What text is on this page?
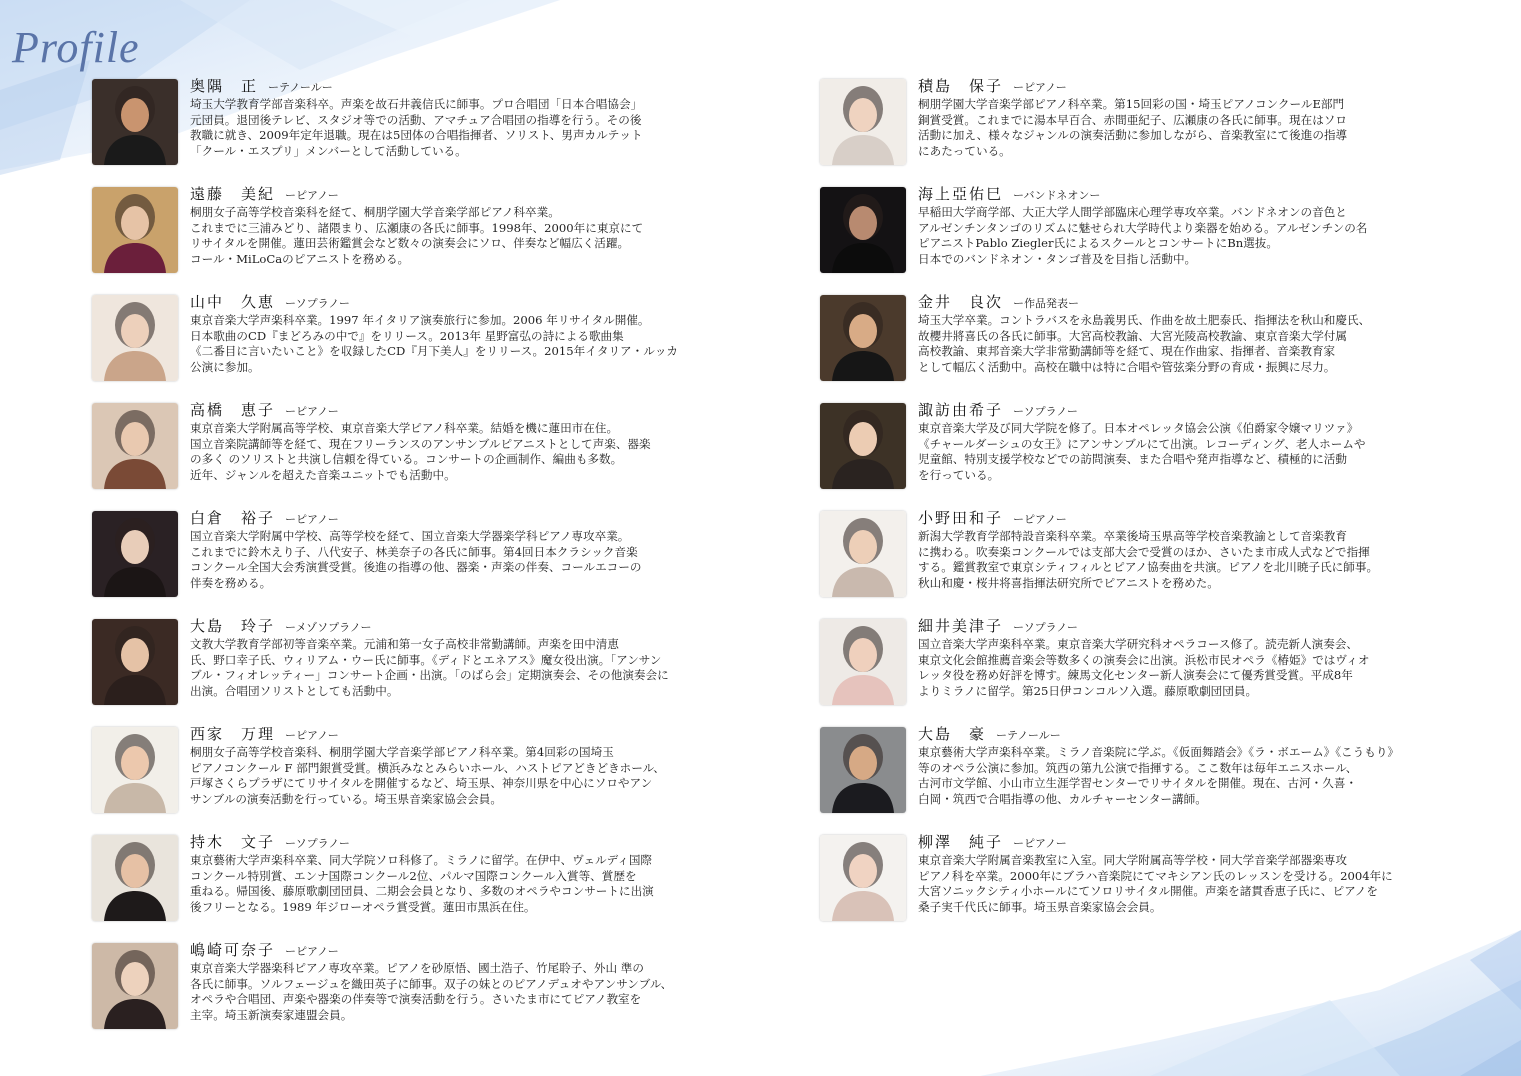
Profile
奥隅　正 ーテノールー
埼玉大学教育学部音楽科卒。声楽を故石井義信氏に師事。プロ合唱団「日本合唱協会」
元団員。退団後テレビ、スタジオ等での活動、アマチュア合唱団の指導を行う。その後
教職に就き、2009年定年退職。現在は5団体の合唱指揮者、ソリスト、男声カルテット
「クール・エスプリ」メンバーとして活動している。
遠藤　美紀 ーピアノー
桐朋女子高等学校音楽科を経て、桐朋学園大学音楽学部ピアノ科卒業。
これまでに三浦みどり、諸隈まり、広瀬康の各氏に師事。1998年、2000年に東京にて
リサイタルを開催。蓮田芸術鑑賞会など数々の演奏会にソロ、伴奏など幅広く活躍。
コール・MiLoCaのピアニストを務める。
山中　久恵 ーソプラノー
東京音楽大学声楽科卒業。1997 年イタリア演奏旅行に参加。2006 年リサイタル開催。
日本歌曲のCD『まどろみの中で』をリリース。2013年 星野富弘の詩による歌曲集
《二番目に言いたいこと》を収録したCD『月下美人』をリリース。2015年イタリア・ルッカ
公演に参加。
高橋　恵子 ーピアノー
東京音楽大学附属高等学校、東京音楽大学ピアノ科卒業。結婚を機に蓮田市在住。
国立音楽院講師等を経て、現在フリーランスのアンサンブルピアニストとして声楽、器楽
の多く のソリストと共演し信頼を得ている。コンサートの企画制作、編曲も多数。
近年、ジャンルを超えた音楽ユニットでも活動中。
白倉　裕子 ーピアノー
国立音楽大学附属中学校、高等学校を経て、国立音楽大学器楽学科ピアノ専攻卒業。
これまでに鈴木えり子、八代安子、林美奈子の各氏に師事。第4回日本クラシック音楽
コンクール全国大会秀演賞受賞。後進の指導の他、器楽・声楽の伴奏、コールエコーの
伴奏を務める。
大島　玲子 ーメゾソプラノー
文教大学教育学部初等音楽卒業。元浦和第一女子高校非常勤講師。声楽を田中清恵
氏、野口幸子氏、ウィリアム・ウー氏に師事。《ディドとエネアス》魔女役出演。「アンサン
ブル・フィオレッティー」コンサート企画・出演。「のばら会」定期演奏会、その他演奏会に
出演。合唱団ソリストとしても活動中。
西家　万理 ーピアノー
桐朋女子高等学校音楽科、桐朋学園大学音楽学部ピアノ科卒業。第4回彩の国埼玉
ピアノコンクール F 部門銀賞受賞。横浜みなとみらいホール、ハストピアどきどきホール、
戸塚さくらプラザにてリサイタルを開催するなど、埼玉県、神奈川県を中心にソロやアン
サンブルの演奏活動を行っている。埼玉県音楽家協会会員。
持木　文子 ーソプラノー
東京藝術大学声楽科卒業、同大学院ソロ科修了。ミラノに留学。在伊中、ヴェルディ国際
コンクール特別賞、エンナ国際コンクール2位、パルマ国際コンクール入賞等、賞歴を
重ねる。帰国後、藤原歌劇団団員、二期会会員となり、多数のオペラやコンサートに出演
後フリーとなる。1989 年ジローオペラ賞受賞。蓮田市黒浜在住。
嶋崎可奈子 ーピアノー
東京音楽大学器楽科ピアノ専攻卒業。ピアノを砂原悟、國土浩子、竹尾聆子、外山 準の
各氏に師事。ソルフェージュを織田英子に師事。双子の妹とのピアノデュオやアンサンブル、
オペラや合唱団、声楽や器楽の伴奏等で演奏活動を行う。さいたま市にてピアノ教室を
主宰。埼玉新演奏家連盟会員。
積島　保子 ーピアノー
桐朋学園大学音楽学部ピアノ科卒業。第15回彩の国・埼玉ピアノコンクールE部門
銅賞受賞。これまでに湯本早百合、赤間亜紀子、広瀬康の各氏に師事。現在はソロ
活動に加え、様々なジャンルの演奏活動に参加しながら、音楽教室にて後進の指導
にあたっている。
海上亞佑巳 ーバンドネオンー
早稲田大学商学部、大正大学人間学部臨床心理学専攻卒業。バンドネオンの音色と
アルゼンチンタンゴのリズムに魅せられ大学時代より楽器を始める。アルゼンチンの名
ピアニストPablo Ziegler氏によるスクールとコンサートにBn選抜。
日本でのバンドネオン・タンゴ普及を目指し活動中。
金井　良次 ー作品発表ー
埼玉大学卒業。コントラバスを永島義男氏、作曲を故土肥泰氏、指揮法を秋山和慶氏、
故櫻井將喜氏の各氏に師事。大宮高校教諭、大宮光陵高校教諭、東京音楽大学付属
高校教諭、東邦音楽大学非常勤講師等を経て、現在作曲家、指揮者、音楽教育家
として幅広く活動中。高校在職中は特に合唱や管弦楽分野の育成・振興に尽力。
諏訪由希子 ーソプラノー
東京音楽大学及び同大学院を修了。日本オペレッタ協会公演《伯爵家令嬢マリツァ》
《チャールダーシュの女王》にアンサンブルにて出演。レコーディング、老人ホームや
児童館、特別支援学校などでの訪問演奏、また合唱や発声指導など、積極的に活動
を行っている。
小野田和子 ーピアノー
新潟大学教育学部特設音楽科卒業。卒業後埼玉県高等学校音楽教諭として音楽教育
に携わる。吹奏楽コンクールでは支部大会で受賞のほか、さいたま市成人式などで指揮
する。鑑賞教室で東京シティフィルとピアノ協奏曲を共演。ピアノを北川暁子氏に師事。
秋山和慶・桜井将喜指揮法研究所でピアニストを務めた。
細井美津子 ーソプラノー
国立音楽大学声楽科卒業。東京音楽大学研究科オペラコース修了。読売新人演奏会、
東京文化会館推薦音楽会等数多くの演奏会に出演。浜松市民オペラ《椿姫》ではヴィオ
レッタ役を務め好評を博す。練馬文化センター新人演奏会にて優秀賞受賞。平成8年
よりミラノに留学。第25日伊コンコルソ入選。藤原歌劇団団員。
大島　豪 ーテノールー
東京藝術大学声楽科卒業。ミラノ音楽院に学ぶ。《仮面舞踏会》《ラ・ボエーム》《こうもり》
等のオペラ公演に参加。筑西の第九公演で指揮する。ここ数年は毎年エニスホール、
古河市文学館、小山市立生涯学習センターでリサイタルを開催。現在、古河・久喜・
白岡・筑西で合唱指導の他、カルチャーセンター講師。
柳澤　純子 ーピアノー
東京音楽大学附属音楽教室に入室。同大学附属高等学校・同大学音楽学部器楽専攻
ピアノ科を卒業。2000年にブラハ音楽院にてマキシアン氏のレッスンを受ける。2004年に
大宮ソニックシティ小ホールにてソロリサイタル開催。声楽を諸貫香恵子氏に、ピアノを
桑子実千代氏に師事。埼玉県音楽家協会会員。
